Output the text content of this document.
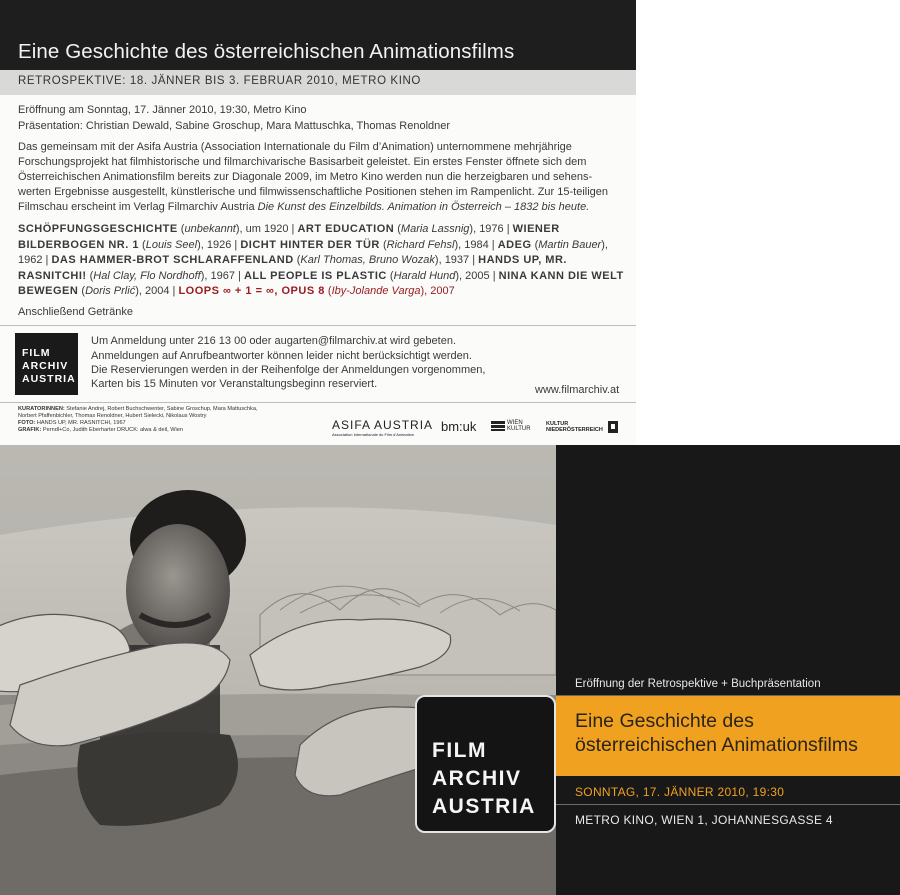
Eine Geschichte des österreichischen Animationsfilms
RETROSPEKTIVE: 18. JÄNNER BIS 3. FEBRUAR 2010, METRO KINO
Eröffnung am Sonntag, 17. Jänner 2010, 19:30, Metro Kino
Präsentation: Christian Dewald, Sabine Groschup, Mara Mattuschka, Thomas Renoldner
Das gemeinsam mit der Asifa Austria (Association Internationale du Film d’Animation) unternommene mehrjährige
Forschungsprojekt hat filmhistorische und filmarchivarische Basisarbeit geleistet. Ein erstes Fenster öffnete sich dem
Österreichischen Animationsfilm bereits zur Diagonale 2009, im Metro Kino werden nun die herzeigbaren und sehens-
werten Ergebnisse ausgestellt, künstlerische und filmwissenschaftliche Positionen stehen im Rampenlicht. Zur 15-teiligen
Filmschau erscheint im Verlag Filmarchiv Austria Die Kunst des Einzelbilds. Animation in Österreich – 1832 bis heute.
SCHÖPFUNGSGESCHICHTE (unbekannt), um 1920 | ART EDUCATION (Maria Lassnig), 1976 | WIENER BILDERBOGEN NR. 1 (Louis Seel), 1926 | DICHT HINTER DER TÜR (Richard Fehsl), 1984 | ADEG (Martin Bauer), 1962 | DAS HAMMER-BROT SCHLARAFFENLAND (Karl Thomas, Bruno Wozak), 1937 | HANDS UP, MR. RASNITCHI! (Hal Clay, Flo Nordhoff), 1967 | ALL PEOPLE IS PLASTIC (Harald Hund), 2005 | NINA KANN DIE WELT BEWEGEN (Doris Prlić), 2004 | LOOPS ∞ + 1 = ∞, OPUS 8 (Iby-Jolande Varga), 2007
Anschließend Getränke
FILM
ARCHIV
AUSTRIA
Um Anmeldung unter 216 13 00 oder augarten@filmarchiv.at wird gebeten.
Anmeldungen auf Anrufbeantworter können leider nicht berücksichtigt werden.
Die Reservierungen werden in der Reihenfolge der Anmeldungen vorgenommen,
Karten bis 15 Minuten vor Veranstaltungsbeginn reserviert.	www.filmarchiv.at
KURATORINNEN: Stefanie Andrej, Robert Buchschwenter, Sabine Groschup, Mara Mattuschka,
Norbert Pfaffenbichler, Thomas Renoldner, Hubert Sielecki, Nikolaus Wostry
FOTO: HANDS UP, MR. RASNITCHI, 1967
GRAFIK: Perndl+Co, Judith Eberharter DRUCK: alwa & deil, Wien	ASIFA AUSTRIA
Association Internationale du Film d’Animation
bm:uk	WIEN
KULTUR
KULTUR
NIEDERÖSTERREICH
Eröffnung der Retrospektive + Buchpräsentation
Eine Geschichte des
österreichischen Animationsfilms
SONNTAG, 17. JÄNNER 2010, 19:30
METRO KINO, WIEN 1, JOHANNESGASSE 4
FILM
ARCHIV
AUSTRIA
